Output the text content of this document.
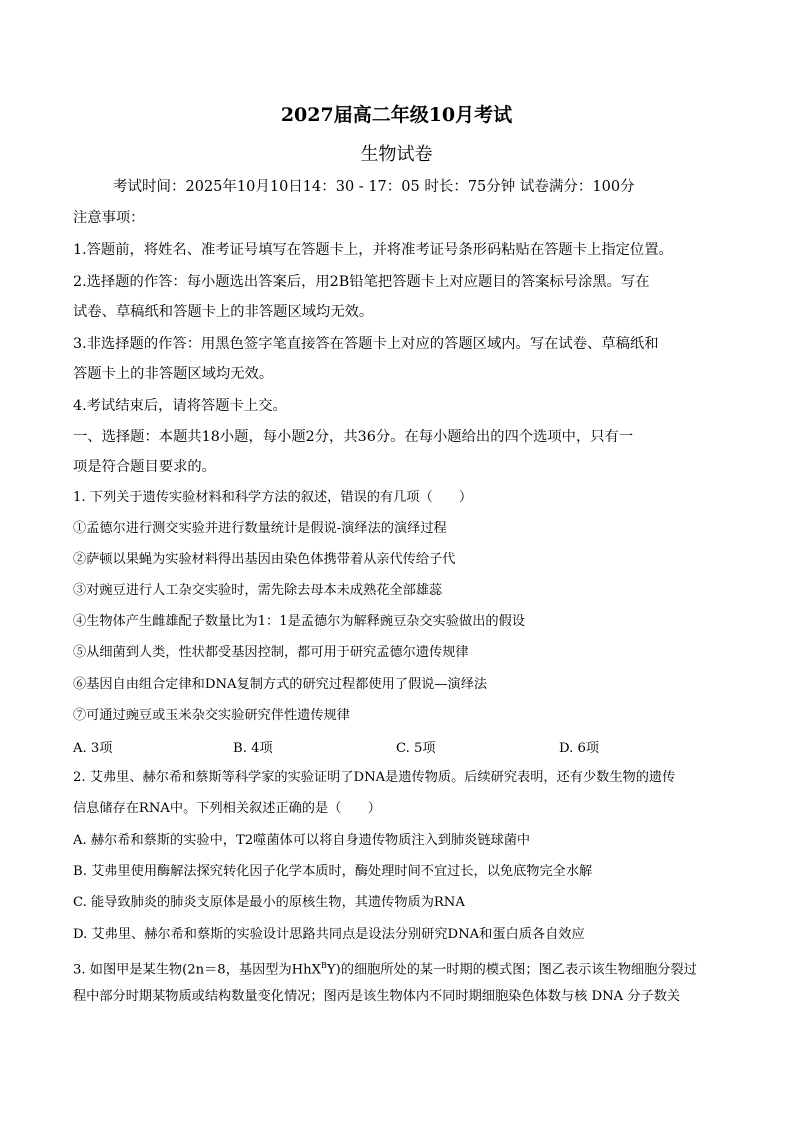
2027届高二年级10月考试
生物试卷
考试时间：2025年10月10日14：30 - 17：05 时长：75分钟 试卷满分：100分
注意事项：
1.答题前，将姓名、准考证号填写在答题卡上，并将准考证号条形码粘贴在答题卡上指定位置。
2.选择题的作答：每小题选出答案后，用2B铅笔把答题卡上对应题目的答案标号涂黑。写在
试卷、草稿纸和答题卡上的非答题区域均无效。
3.非选择题的作答：用黑色签字笔直接答在答题卡上对应的答题区域内。写在试卷、草稿纸和
答题卡上的非答题区域均无效。
4.考试结束后，请将答题卡上交。
一、选择题：本题共18小题，每小题2分，共36分。在每小题给出的四个选项中，只有一
项是符合题目要求的。
1. 下列关于遗传实验材料和科学方法的叙述，错误的有几项（　　）
①孟德尔进行测交实验并进行数量统计是假说-演绎法的演绎过程
②萨顿以果蝇为实验材料得出基因由染色体携带着从亲代传给子代
③对豌豆进行人工杂交实验时，需先除去母本未成熟花全部雄蕊
④生物体产生雌雄配子数量比为1：1是孟德尔为解释豌豆杂交实验做出的假设
⑤从细菌到人类，性状都受基因控制，都可用于研究孟德尔遗传规律
⑥基因自由组合定律和DNA复制方式的研究过程都使用了假说—演绎法
⑦可通过豌豆或玉米杂交实验研究伴性遗传规律
A. 3项	B. 4项	C. 5项	D. 6项
2. 艾弗里、赫尔希和蔡斯等科学家的实验证明了DNA是遗传物质。后续研究表明，还有少数生物的遗传
信息储存在RNA中。下列相关叙述正确的是（　　）
A. 赫尔希和蔡斯的实验中，T2噬菌体可以将自身遗传物质注入到肺炎链球菌中
B. 艾弗里使用酶解法探究转化因子化学本质时，酶处理时间不宜过长，以免底物完全水解
C. 能导致肺炎的肺炎支原体是最小的原核生物，其遗传物质为RNA
D. 艾弗里、赫尔希和蔡斯的实验设计思路共同点是设法分别研究DNA和蛋白质各自效应
3. 如图甲是某生物(2n＝8，基因型为HhX$^B$Y)的细胞所处的某一时期的模式图；图乙表示该生物细胞分裂过
程中部分时期某物质或结构数量变化情况；图丙是该生物体内不同时期细胞染色体数与核 DNA 分子数关
